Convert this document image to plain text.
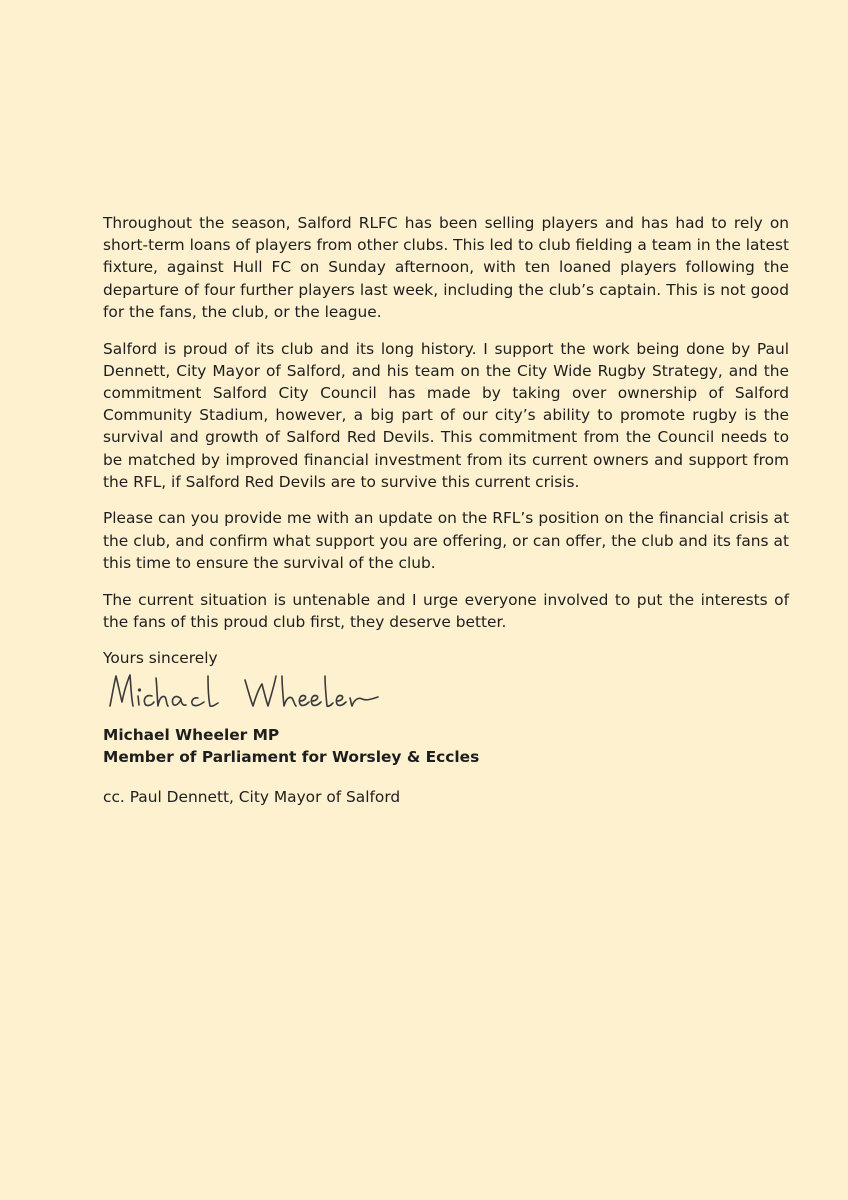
Throughout the season, Salford RLFC has been selling players and has had to rely on short-term loans of players from other clubs. This led to club fielding a team in the latest fixture, against Hull FC on Sunday afternoon, with ten loaned players following the departure of four further players last week, including the club’s captain. This is not good for the fans, the club, or the league.

Salford is proud of its club and its long history. I support the work being done by Paul Dennett, City Mayor of Salford, and his team on the City Wide Rugby Strategy, and the commitment Salford City Council has made by taking over ownership of Salford Community Stadium, however, a big part of our city’s ability to promote rugby is the survival and growth of Salford Red Devils. This commitment from the Council needs to be matched by improved financial investment from its current owners and support from the RFL, if Salford Red Devils are to survive this current crisis.

Please can you provide me with an update on the RFL’s position on the financial crisis at the club, and confirm what support you are offering, or can offer, the club and its fans at this time to ensure the survival of the club.

The current situation is untenable and I urge everyone involved to put the interests of the fans of this proud club first, they deserve better.

Yours sincerely

Michael Wheeler MP
Member of Parliament for Worsley & Eccles
cc. Paul Dennett, City Mayor of Salford
